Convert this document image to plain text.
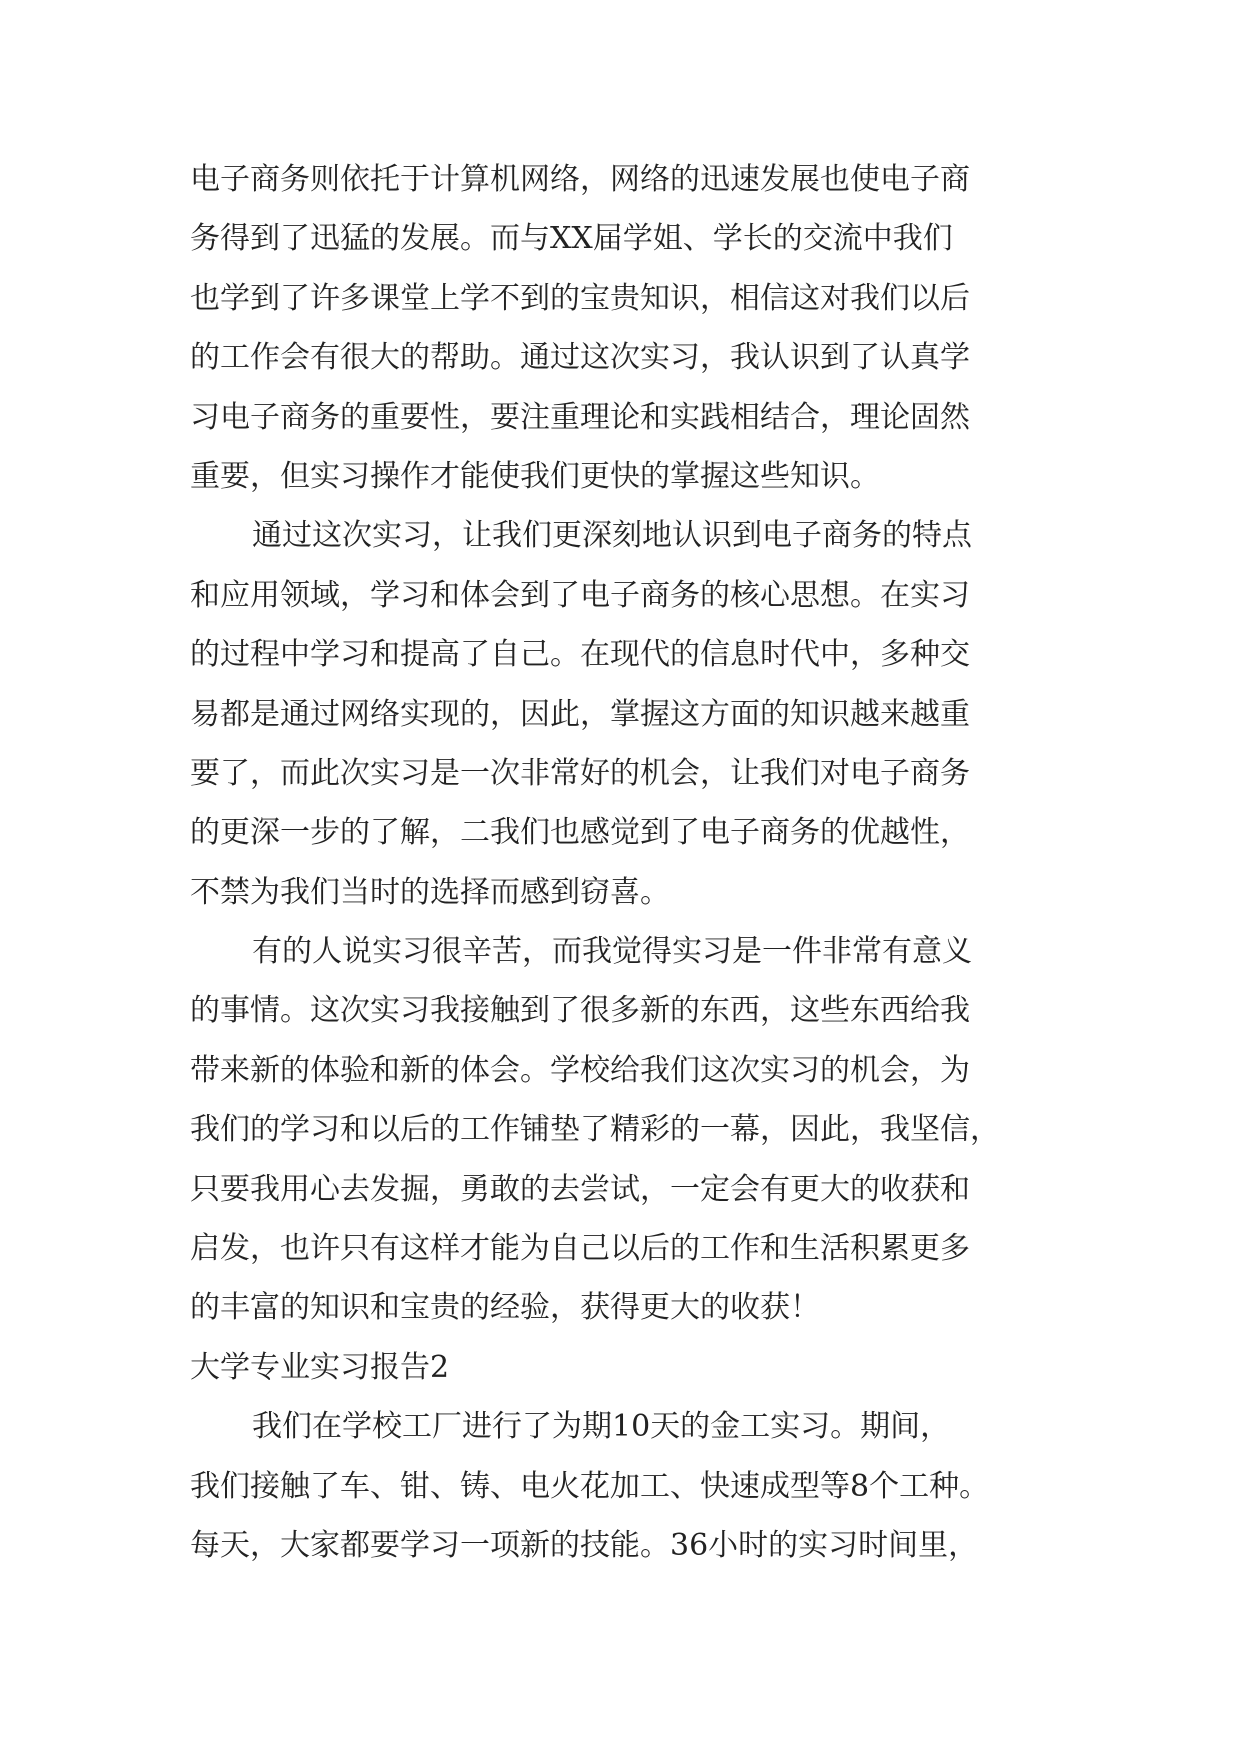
电子商务则依托于计算机网络，网络的迅速发展也使电子商
务得到了迅猛的发展。而与XX届学姐、学长的交流中我们
也学到了许多课堂上学不到的宝贵知识，相信这对我们以后
的工作会有很大的帮助。通过这次实习，我认识到了认真学
习电子商务的重要性，要注重理论和实践相结合，理论固然
重要，但实习操作才能使我们更快的掌握这些知识。
通过这次实习，让我们更深刻地认识到电子商务的特点
和应用领域，学习和体会到了电子商务的核心思想。在实习
的过程中学习和提高了自己。在现代的信息时代中，多种交
易都是通过网络实现的，因此，掌握这方面的知识越来越重
要了，而此次实习是一次非常好的机会，让我们对电子商务
的更深一步的了解，二我们也感觉到了电子商务的优越性，
不禁为我们当时的选择而感到窃喜。
有的人说实习很辛苦，而我觉得实习是一件非常有意义
的事情。这次实习我接触到了很多新的东西，这些东西给我
带来新的体验和新的体会。学校给我们这次实习的机会，为
我们的学习和以后的工作铺垫了精彩的一幕，因此，我坚信，
只要我用心去发掘，勇敢的去尝试，一定会有更大的收获和
启发，也许只有这样才能为自己以后的工作和生活积累更多
的丰富的知识和宝贵的经验，获得更大的收获！
大学专业实习报告2
我们在学校工厂进行了为期10天的金工实习。期间，
我们接触了车、钳、铸、电火花加工、快速成型等8个工种。
每天，大家都要学习一项新的技能。36小时的实习时间里，
